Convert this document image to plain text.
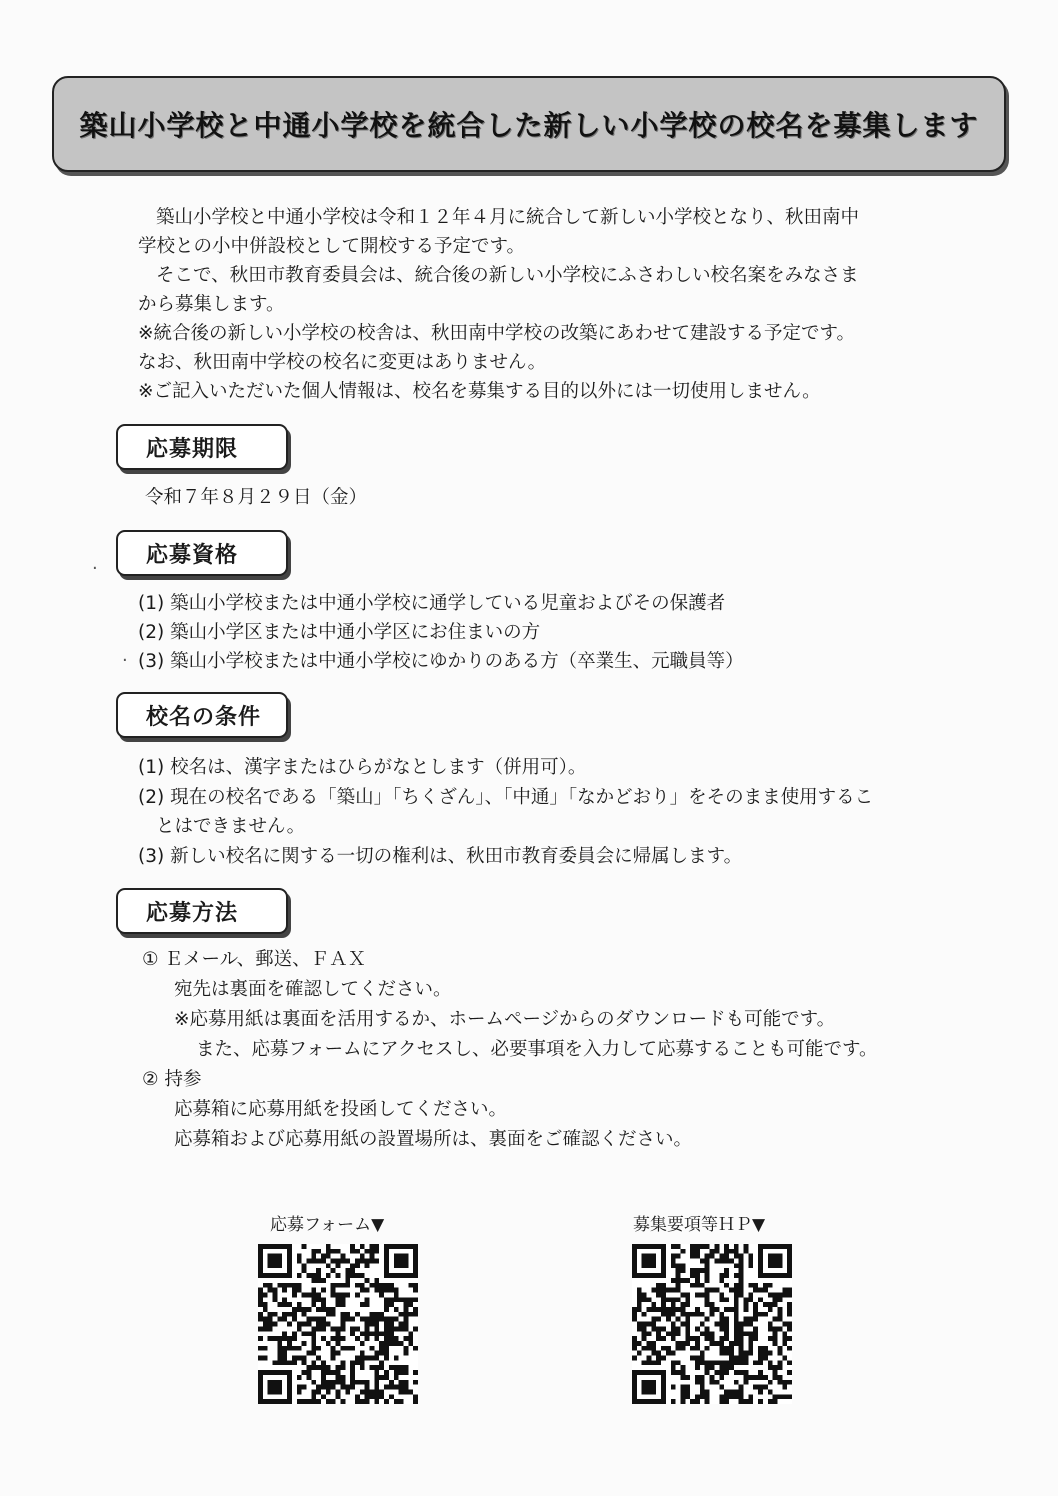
築山小学校と中通小学校を統合した新しい小学校の校名を募集します
築山小学校と中通小学校は令和１２年４月に統合して新しい小学校となり、秋田南中
学校との小中併設校として開校する予定です。
そこで、秋田市教育委員会は、統合後の新しい小学校にふさわしい校名案をみなさま
から募集します。
※統合後の新しい小学校の校舎は、秋田南中学校の改築にあわせて建設する予定です。
なお、秋田南中学校の校名に変更はありません。
※ご記入いただいた個人情報は、校名を募集する目的以外には一切使用しません。
応募期限
令和７年８月２９日（金）
応募資格
(1) 築山小学校または中通小学校に通学している児童およびその保護者
(2) 築山小学区または中通小学区にお住まいの方
(3) 築山小学校または中通小学校にゆかりのある方（卒業生、元職員等）
校名の条件
(1) 校名は、漢字またはひらがなとします（併用可）。
(2) 現在の校名である「築山」「ちくざん」、「中通」「なかどおり」をそのまま使用するこ
とはできません。
(3) 新しい校名に関する一切の権利は、秋田市教育委員会に帰属します。
応募方法
① Ｅメール、郵送、ＦＡＸ
宛先は裏面を確認してください。
※応募用紙は裏面を活用するか、ホームページからのダウンロードも可能です。
また、応募フォームにアクセスし、必要事項を入力して応募することも可能です。
② 持参
応募箱に応募用紙を投函してください。
応募箱および応募用紙の設置場所は、裏面をご確認ください。
応募フォーム▼	募集要項等ＨＰ▼
·
·
